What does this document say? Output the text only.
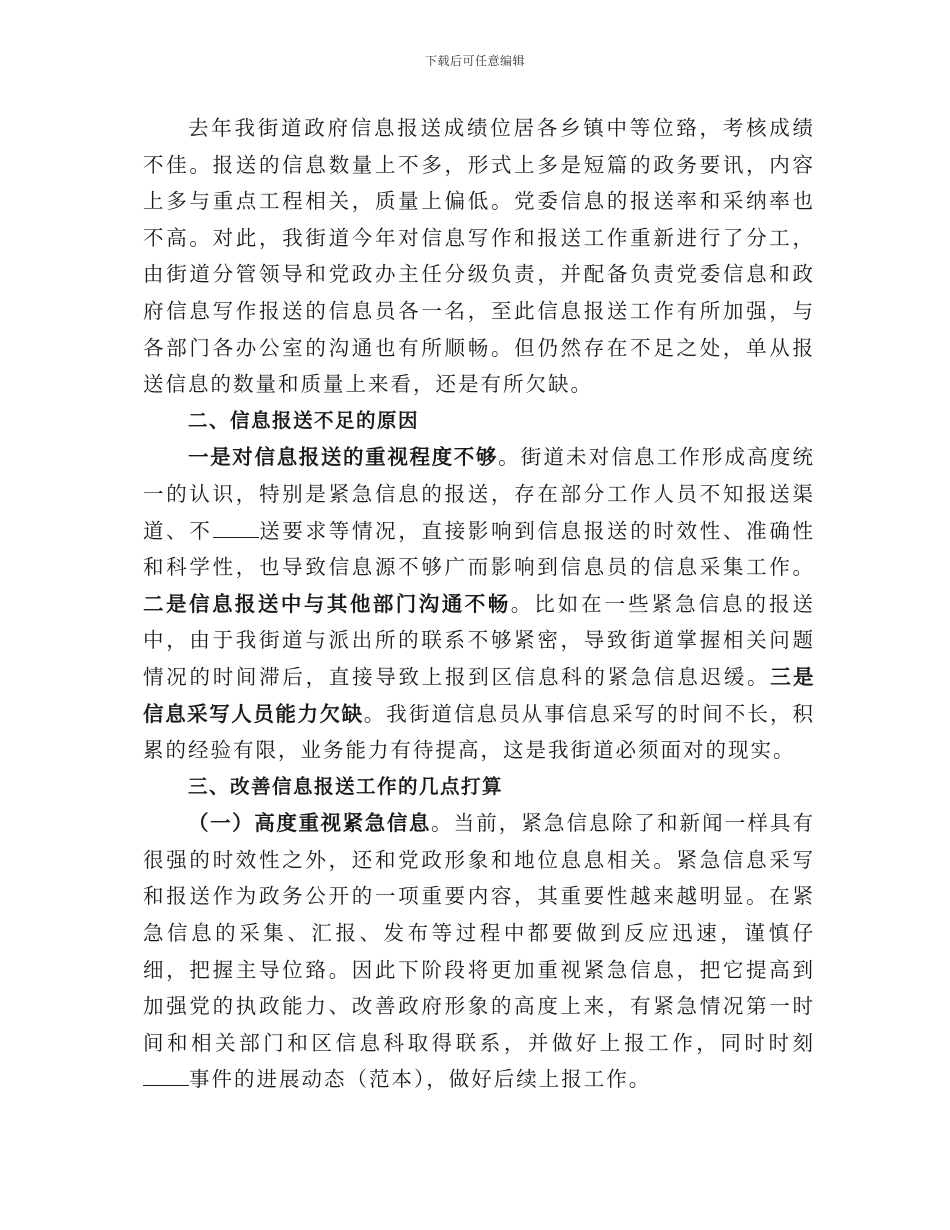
下载后可任意编辑

去年我街道政府信息报送成绩位居各乡镇中等位臵，考核成绩不佳。报送的信息数量上不多，形式上多是短篇的政务要讯，内容上多与重点工程相关，质量上偏低。党委信息的报送率和采纳率也不高。对此，我街道今年对信息写作和报送工作重新进行了分工，由街道分管领导和党政办主任分级负责，并配备负责党委信息和政府信息写作报送的信息员各一名，至此信息报送工作有所加强，与各部门各办公室的沟通也有所顺畅。但仍然存在不足之处，单从报送信息的数量和质量上来看，还是有所欠缺。

二、信息报送不足的原因

一是对信息报送的重视程度不够。街道未对信息工作形成高度统一的认识，特别是紧急信息的报送，存在部分工作人员不知报送渠道、不 送要求等情况，直接影响到信息报送的时效性、准确性和科学性，也导致信息源不够广而影响到信息员的信息采集工作。二是信息报送中与其他部门沟通不畅。比如在一些紧急信息的报送中，由于我街道与派出所的联系不够紧密，导致街道掌握相关问题情况的时间滞后，直接导致上报到区信息科的紧急信息迟缓。三是信息采写人员能力欠缺。我街道信息员从事信息采写的时间不长，积累的经验有限，业务能力有待提高，这是我街道必须面对的现实。

三、改善信息报送工作的几点打算

（一）高度重视紧急信息。当前，紧急信息除了和新闻一样具有很强的时效性之外，还和党政形象和地位息息相关。紧急信息采写和报送作为政务公开的一项重要内容，其重要性越来越明显。在紧急信息的采集、汇报、发布等过程中都要做到反应迅速，谨慎仔细，把握主导位臵。因此下阶段将更加重视紧急信息，把它提高到加强党的执政能力、改善政府形象的高度上来，有紧急情况第一时间和相关部门和区信息科取得联系，并做好上报工作，同时时刻事件的进展动态（范本），做好后续上报工作。
